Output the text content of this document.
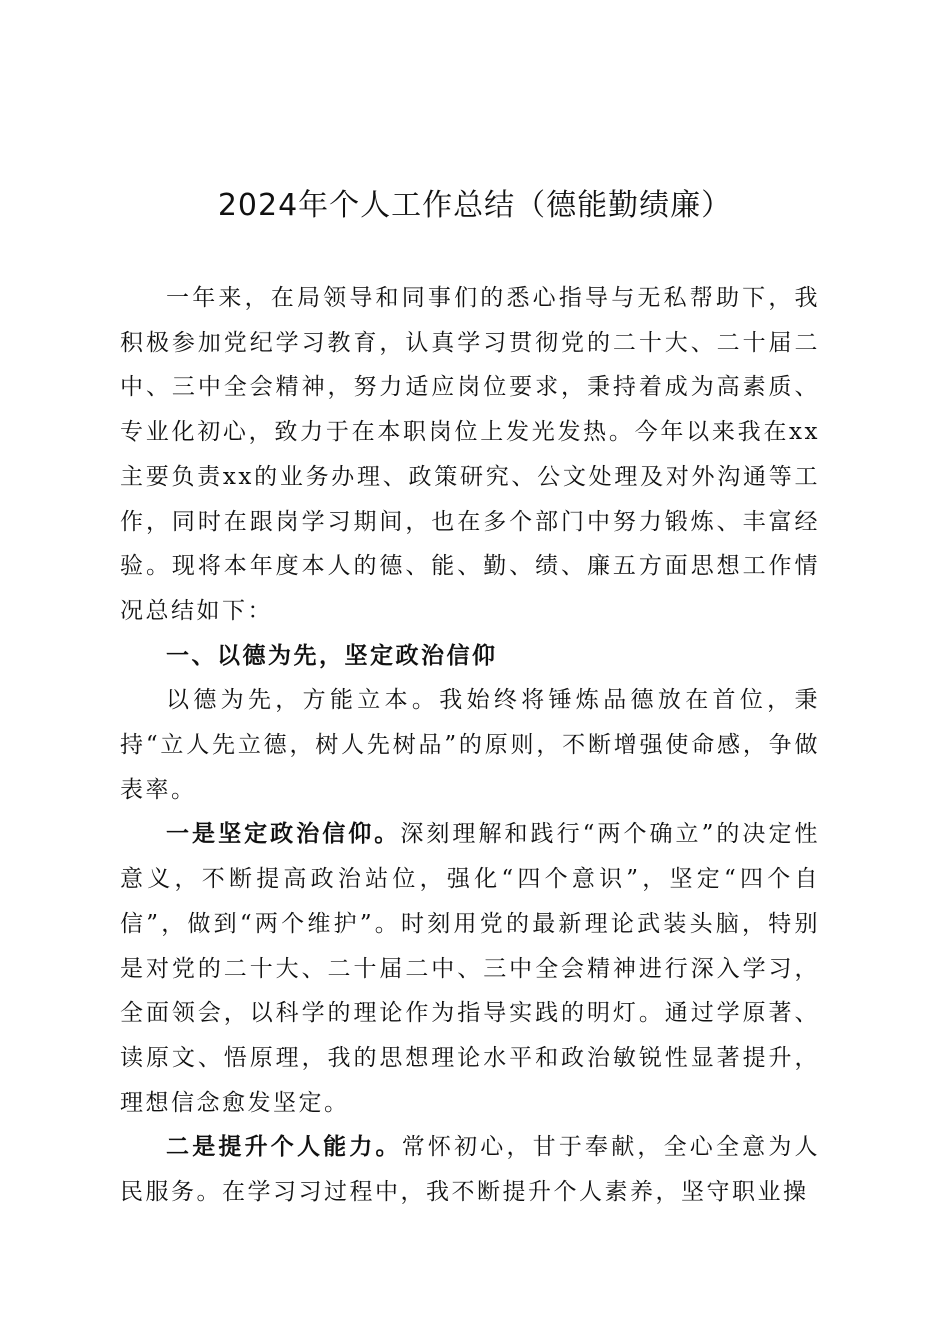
2024年个人工作总结（德能勤绩廉）

一年来，在局领导和同事们的悉心指导与无私帮助下，我积极参加党纪学习教育，认真学习贯彻党的二十大、二十届二中、三中全会精神，努力适应岗位要求，秉持着成为高素质、专业化初心，致力于在本职岗位上发光发热。今年以来我在xx主要负责xx的业务办理、政策研究、公文处理及对外沟通等工作，同时在跟岗学习期间，也在多个部门中努力锻炼、丰富经验。现将本年度本人的德、能、勤、绩、廉五方面思想工作情况总结如下：

一、以德为先，坚定政治信仰

以德为先，方能立本。我始终将锤炼品德放在首位，秉持“立人先立德，树人先树品”的原则，不断增强使命感，争做表率。

一是坚定政治信仰。深刻理解和践行“两个确立”的决定性意义，不断提高政治站位，强化“四个意识”，坚定“四个自信”，做到“两个维护”。时刻用党的最新理论武装头脑，特别是对党的二十大、二十届二中、三中全会精神进行深入学习，全面领会，以科学的理论作为指导实践的明灯。通过学原著、读原文、悟原理，我的思想理论水平和政治敏锐性显著提升，理想信念愈发坚定。

二是提升个人能力。常怀初心，甘于奉献，全心全意为人民服务。在学习习过程中，我不断提升个人素养，坚守职业操
